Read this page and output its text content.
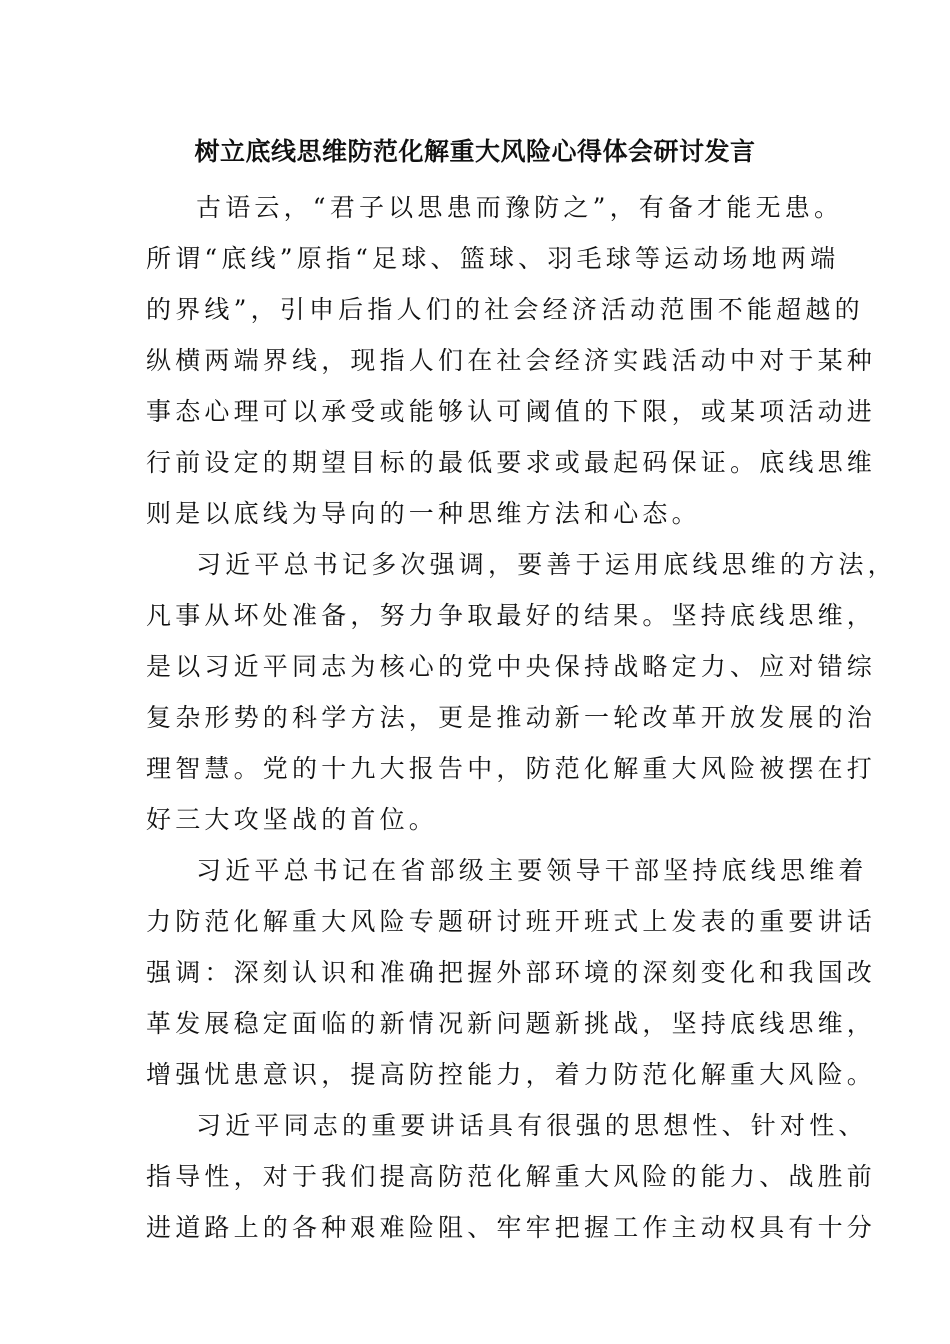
树立底线思维防范化解重大风险心得体会研讨发言
古语云，“君子以思患而豫防之”，有备才能无患。
所谓“底线”原指“足球、篮球、羽毛球等运动场地两端
的界线”，引申后指人们的社会经济活动范围不能超越的
纵横两端界线，现指人们在社会经济实践活动中对于某种
事态心理可以承受或能够认可阈值的下限，或某项活动进
行前设定的期望目标的最低要求或最起码保证。底线思维
则是以底线为导向的一种思维方法和心态。
习近平总书记多次强调，要善于运用底线思维的方法，
凡事从坏处准备，努力争取最好的结果。坚持底线思维，
是以习近平同志为核心的党中央保持战略定力、应对错综
复杂形势的科学方法，更是推动新一轮改革开放发展的治
理智慧。党的十九大报告中，防范化解重大风险被摆在打
好三大攻坚战的首位。
习近平总书记在省部级主要领导干部坚持底线思维着
力防范化解重大风险专题研讨班开班式上发表的重要讲话
强调：深刻认识和准确把握外部环境的深刻变化和我国改
革发展稳定面临的新情况新问题新挑战，坚持底线思维，
增强忧患意识，提高防控能力，着力防范化解重大风险。
习近平同志的重要讲话具有很强的思想性、针对性、
指导性，对于我们提高防范化解重大风险的能力、战胜前
进道路上的各种艰难险阻、牢牢把握工作主动权具有十分
